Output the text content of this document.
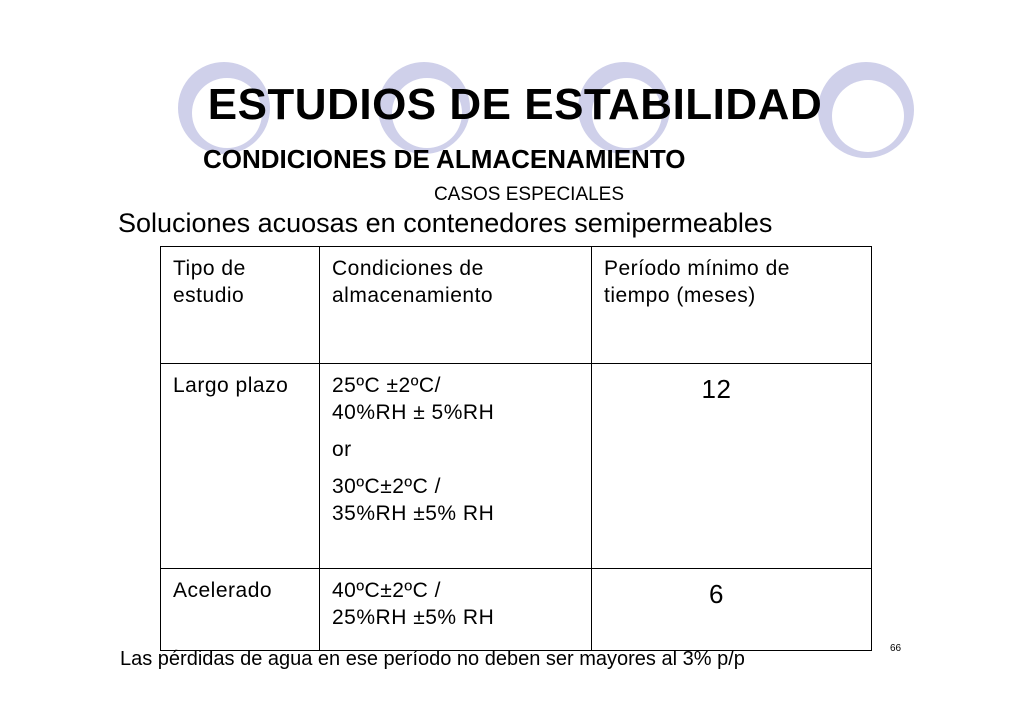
ESTUDIOS DE ESTABILIDAD
CONDICIONES DE ALMACENAMIENTO
CASOS ESPECIALES
Soluciones acuosas en contenedores semipermeables
Tipo de estudio	Condiciones de almacenamiento	Período mínimo de tiempo (meses)
Largo plazo	25ºC ±2ºC/
40%RH ± 5%RH
or
30ºC±2ºC /
35%RH ±5% RH	12

Acelerado	40ºC±2ºC /
25%RH ±5% RH	6
Las pérdidas de agua en ese período no deben ser mayores al 3% p/p	66
